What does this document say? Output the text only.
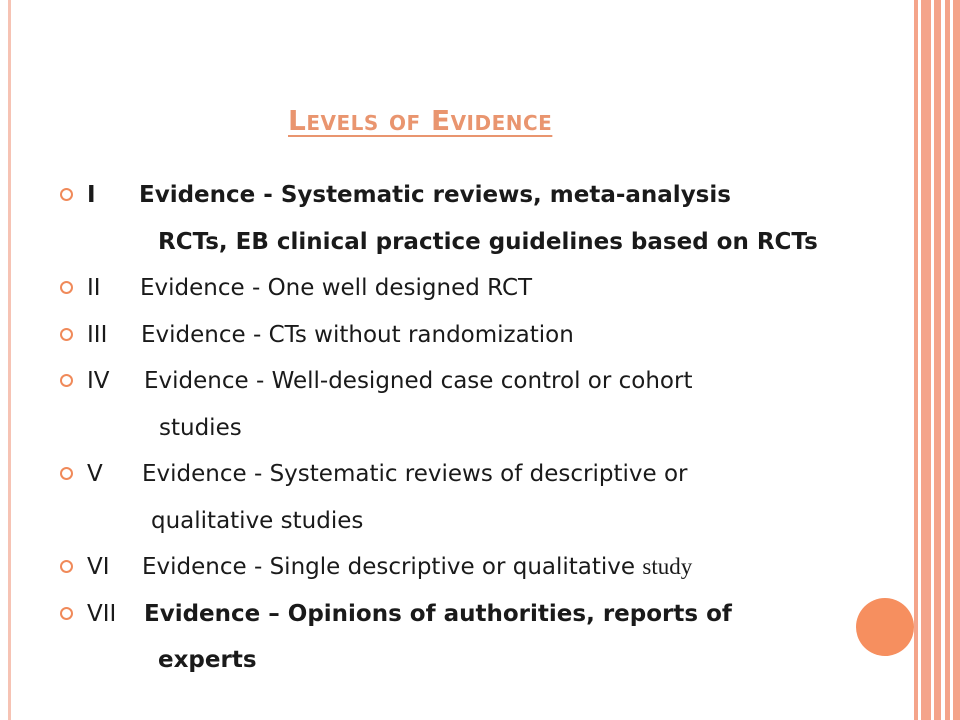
Levels of Evidence
I Evidence - Systematic reviews, meta-analysis
RCTs, EB clinical practice guidelines based on RCTs
II Evidence - One well designed RCT
III Evidence - CTs without randomization
IV Evidence - Well-designed case control or cohort
studies
V Evidence - Systematic reviews of descriptive or
qualitative studies
VI Evidence - Single descriptive or qualitative study
VII Evidence – Opinions of authorities, reports of
experts
